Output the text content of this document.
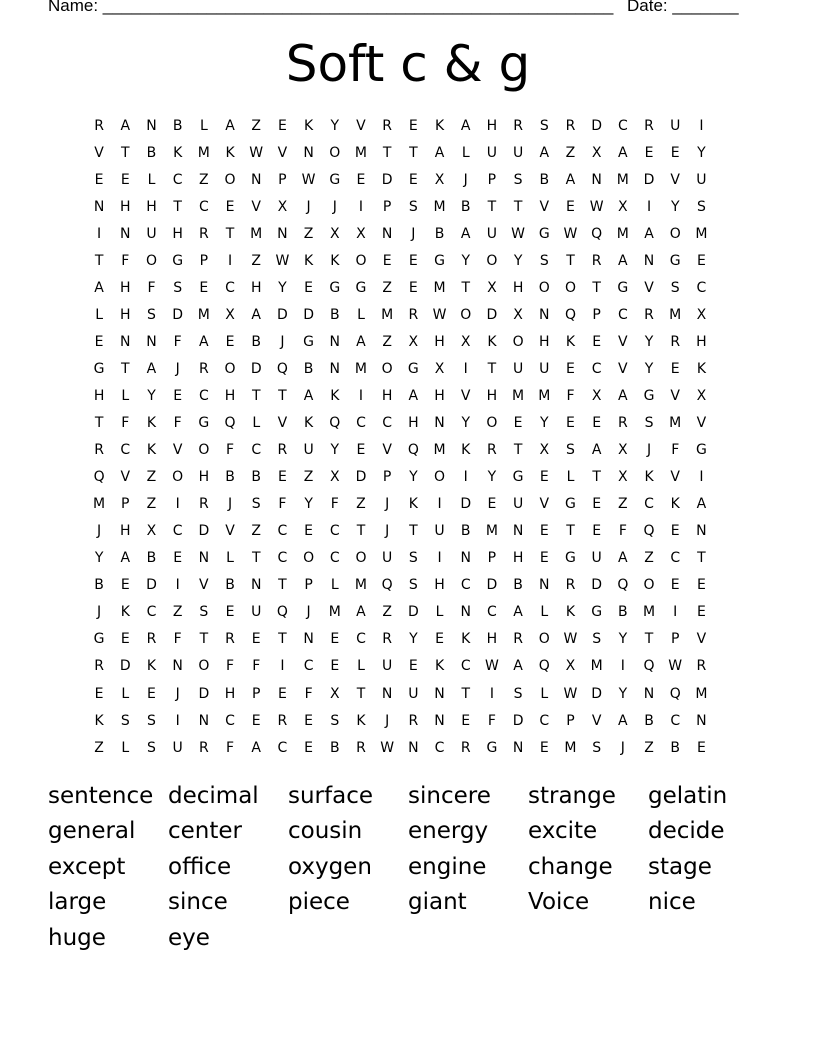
Name: ______________________________________________________ Date: _______
Soft c & g
R	A	N	B	L	A	Z	E	K	Y	V	R	E	K	A	H	R	S	R	D	C	R	U	I
V	T	B	K	M	K	W	V	N	O	M	T	T	A	L	U	U	A	Z	X	A	E	E	Y
E	E	L	C	Z	O	N	P	W G	E	D	E	X	J	P	S	B	A	N	M	D	V	U
N	H	H	T	C	E	V	X	J	J	I	P	S	M	B	T	T	V	E	W	X	I	Y	S
I	N	U	H	R	T	M	N	Z	X	X	N	J	B	A	U	W G W Q	M	A	O	M
T	F	O	G	P	I	Z	W	K	K	O	E	E	G	Y	O	Y	S	T	R	A	N	G	E
A	H	F	S	E	C	H	Y	E	G	G	Z	E	M	T	X	H	O	O	T	G	V	S	C
L	H	S	D	M	X	A	D	D	B	L	M	R	W O	D	X	N	Q	P	C	R	M	X
E	N	N	F	A	E	B	J	G	N	A	Z	X	H	X	K	O	H	K	E	V	Y	R	H
G	T	A	J	R	O	D	Q	B	N	M	O	G	X	I	T	U	U	E	C	V	Y	E	K
H	L	Y	E	C	H	T	T	A	K	I	H	A	H	V	H	M	M	F	X	A	G	V	X
T	F	K	F	G	Q	L	V	K	Q	C	C	H	N	Y	O	E	Y	E	E	R	S	M	V
R	C	K	V	O	F	C	R	U	Y	E	V	Q	M	K	R	T	X	S	A	X	J	F	G
Q	V	Z	O	H	B	B	E	Z	X	D	P	Y	O	I	Y	G	E	L	T	X	K	V	I
M	P	Z	I	R	J	S	F	Y	F	Z	J	K	I	D	E	U	V	G	E	Z	C	K	A
J	H	X	C	D	V	Z	C	E	C	T	J	T	U	B	M	N	E	T	E	F	Q	E	N
Y	A	B	E	N	L	T	C	O	C	O	U	S	I	N	P	H	E	G	U	A	Z	C	T
B	E	D	I	V	B	N	T	P	L	M	Q	S	H	C	D	B	N	R	D	Q	O	E	E
J	K	C	Z	S	E	U	Q	J	M	A	Z	D	L	N	C	A	L	K	G	B	M	I	E
G	E	R	F	T	R	E	T	N	E	C	R	Y	E	K	H	R	O W	S	Y	T	P	V
R	D	K	N	O	F	F	I	C	E	L	U	E	K	C	W	A	Q	X	M	I	Q W	R
E	L	E	J	D	H	P	E	F	X	T	N	U	N	T	I	S	L	W D	Y	N	Q	M
K	S	S	I	N	C	E	R	E	S	K	J	R	N	E	F	D	C	P	V	A	B	C	N
Z	L	S	U	R	F	A	C	E	B	R	W	N	C	R	G	N	E	M	S	J	Z	B	E
sentence decimal	surface	sincere	strange	gelatin
general	center	cousin	energy	excite	decide
except	office	oxygen	engine	change	stage
large	since	piece	giant	Voice	nice
huge	eye
